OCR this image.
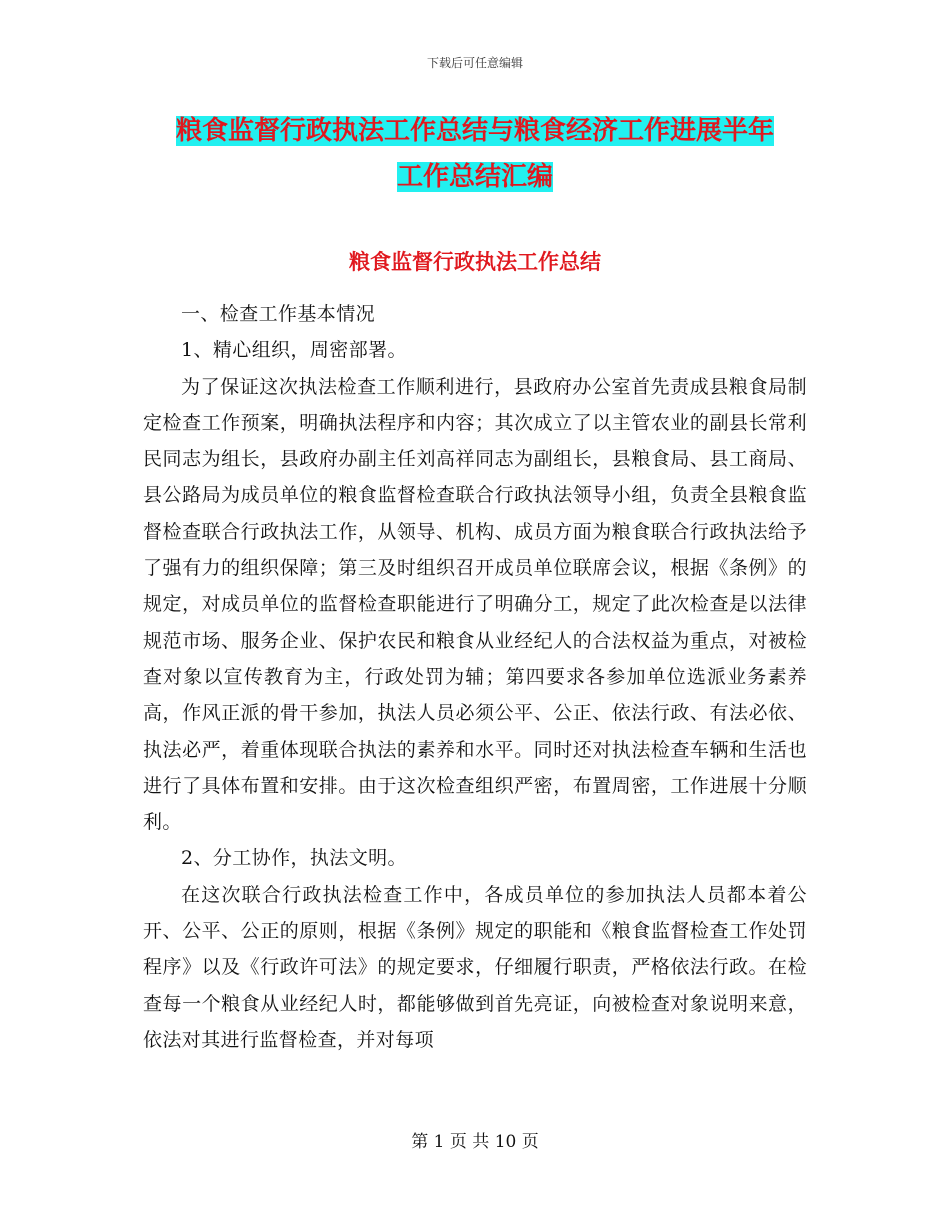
下载后可任意编辑
粮食监督行政执法工作总结与粮食经济工作进展半年
工作总结汇编
粮食监督行政执法工作总结

一、检查工作基本情况

1、精心组织，周密部署。

为了保证这次执法检查工作顺利进行，县政府办公室首先责成县粮食局制定检查工作预案，明确执法程序和内容；其次成立了以主管农业的副县长常利民同志为组长，县政府办副主任刘高祥同志为副组长，县粮食局、县工商局、县公路局为成员单位的粮食监督检查联合行政执法领导小组，负责全县粮食监督检查联合行政执法工作，从领导、机构、成员方面为粮食联合行政执法给予了强有力的组织保障；第三及时组织召开成员单位联席会议，根据《条例》的规定，对成员单位的监督检查职能进行了明确分工，规定了此次检查是以法律规范市场、服务企业、保护农民和粮食从业经纪人的合法权益为重点，对被检查对象以宣传教育为主，行政处罚为辅；第四要求各参加单位选派业务素养高，作风正派的骨干参加，执法人员必须公平、公正、依法行政、有法必依、执法必严，着重体现联合执法的素养和水平。同时还对执法检查车辆和生活也进行了具体布置和安排。由于这次检查组织严密，布置周密，工作进展十分顺利。

2、分工协作，执法文明。

在这次联合行政执法检查工作中，各成员单位的参加执法人员都本着公开、公平、公正的原则，根据《条例》规定的职能和《粮食监督检查工作处罚程序》以及《行政许可法》的规定要求，仔细履行职责，严格依法行政。在检查每一个粮食从业经纪人时，都能够做到首先亮证，向被检查对象说明来意，依法对其进行监督检查，并对每项

第 1 页 共 10 页
